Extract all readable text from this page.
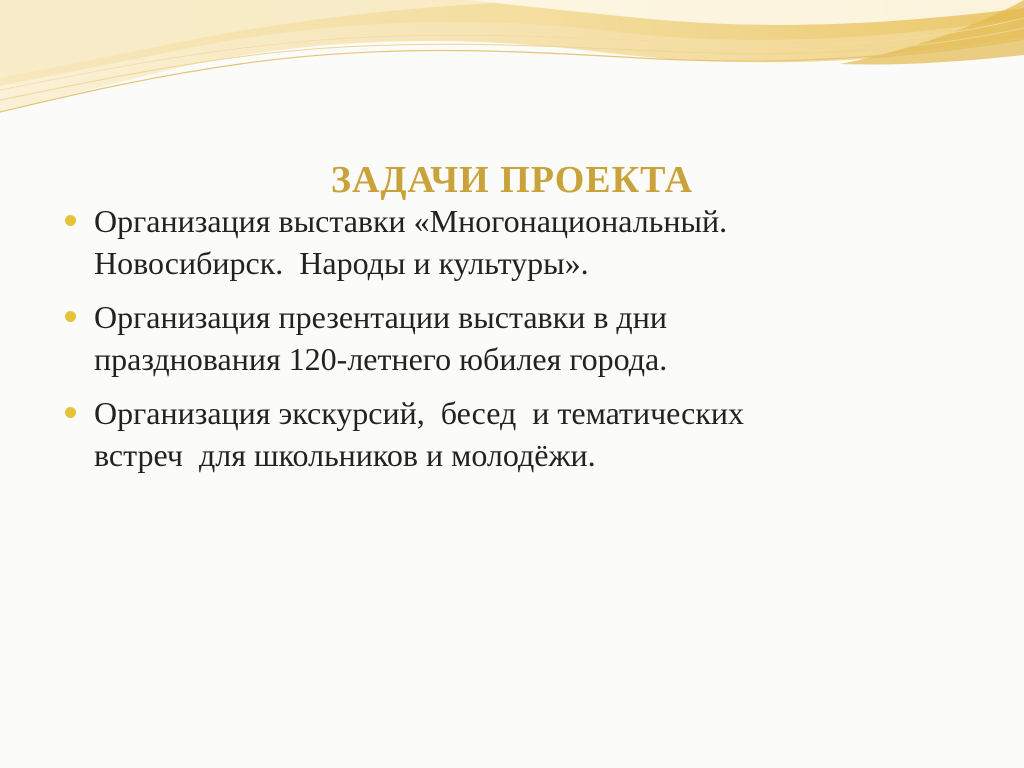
ЗАДАЧИ ПРОЕКТА
Организация выставки «Многонациональный.
Новосибирск.  Народы и культуры».
Организация презентации выставки в дни
празднования 120-летнего юбилея города.
Организация экскурсий,  бесед  и тематических
встреч  для школьников и молодёжи.
